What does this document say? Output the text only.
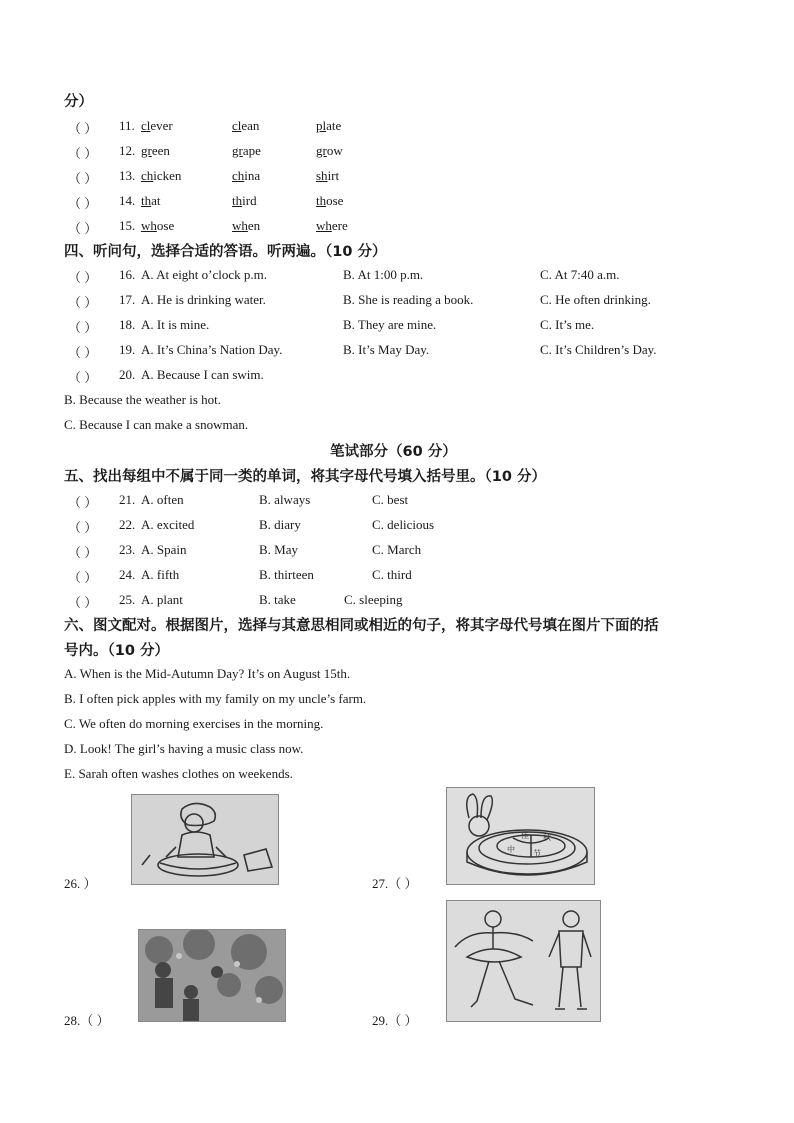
分）
（ ） 11. clever	clean	plate
（ ） 12. green	grape	grow
（ ） 13. chicken	china	shirt
（ ） 14. that	third	those
（ ） 15. whose	when	where
四、听问句，选择合适的答语。听两遍。（10 分）
（ ） 16. A. At eight o’clock p.m.	B. At 1:00 p.m.	C. At 7:40 a.m.
（ ） 17. A. He is drinking water.	B. She is reading a book.	C. He often drinking.
（ ） 18. A. It is mine.	B. They are mine.	C. It’s me.
（ ） 19. A. It’s China’s Nation Day.	B. It’s May Day.	C. It’s Children’s Day.
（ ） 20. A. Because I can swim.
B. Because the weather is hot.
C. Because I can make a snowman.
笔试部分（60 分）
五、找出每组中不属于同一类的单词，将其字母代号填入括号里。（10 分）
（ ） 21. A. often	B. always	C. best
（ ） 22. A. excited	B. diary	C. delicious
（ ） 23. A. Spain	B. May	C. March
（ ） 24. A. fifth	B. thirteen	C. third
（ ） 25. A. plant	B. take	C. sleeping
六、图文配对。根据图片，选择与其意思相同或相近的句子，将其字母代号填在图片下面的括
号内。（10 分）
A. When is the Mid-Autumn Day? It’s on August 15th.
B. I often pick apples with my family on my uncle’s farm.
C. We often do morning exercises in the morning.
D. Look! The girl’s having a music class now.
E. Sarah often washes clothes on weekends.
26. ）
中
秋
节
佳
27.（ ）
28.（ ）	29.（ ）
